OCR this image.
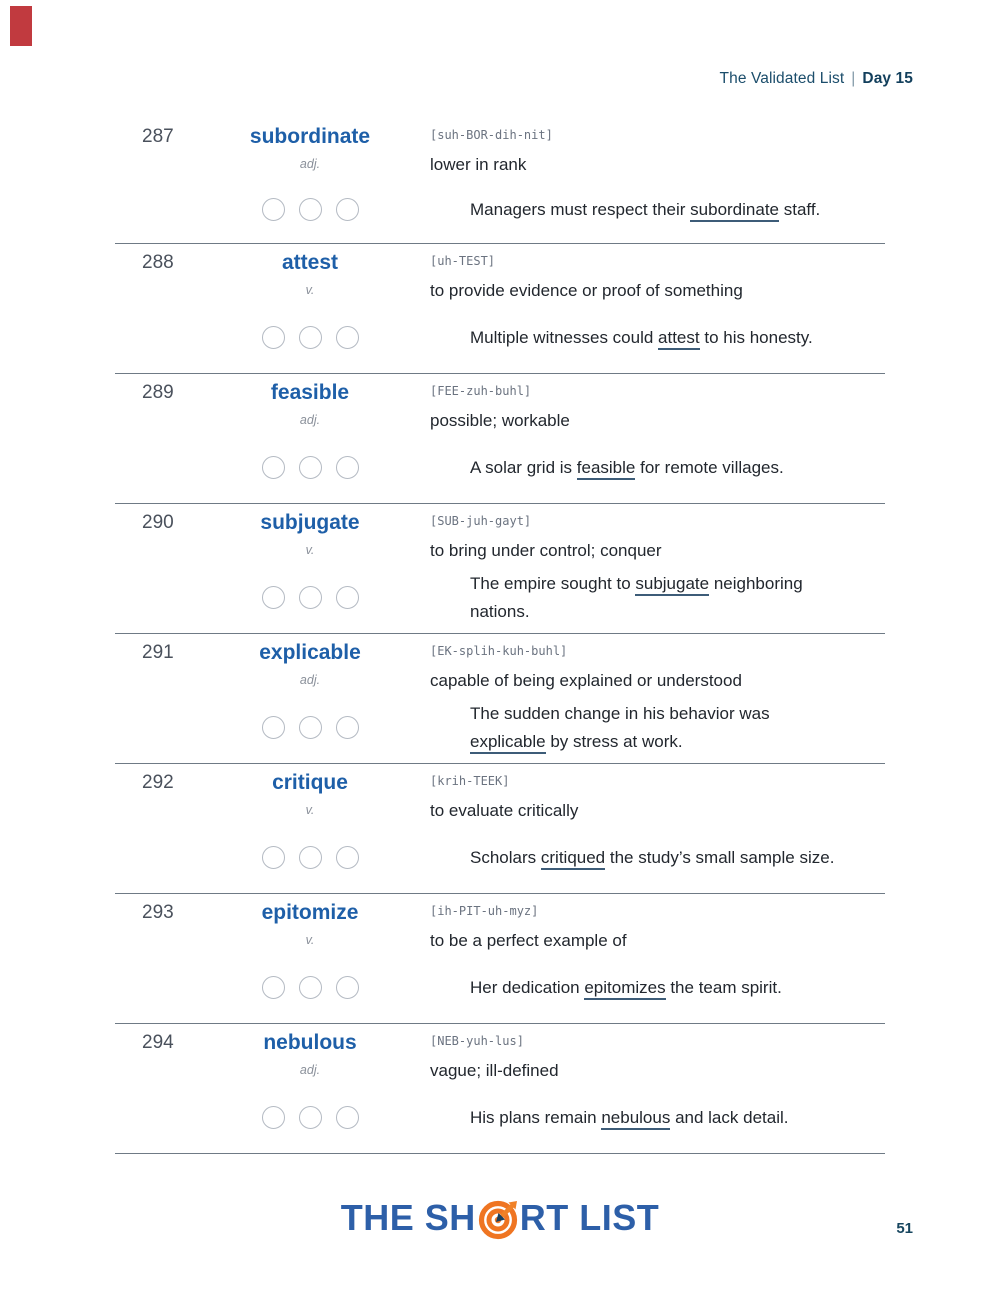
The Validated List | Day 15
287	subordinate
adj.
[suh-BOR-dih-nit]
lower in rank
Managers must respect their subordinate staff.
288	attest
v.
[uh-TEST]
to provide evidence or proof of something
Multiple witnesses could attest to his honesty.
289	feasible
adj.
[FEE-zuh-buhl]
possible; workable
A solar grid is feasible for remote villages.
290	subjugate
v.
[SUB-juh-gayt]
to bring under control; conquer
The empire sought to subjugate neighboring
nations.
291	explicable
adj.
[EK-splih-kuh-buhl]
capable of being explained or understood
The sudden change in his behavior was
explicable by stress at work.
292	critique
v.
[krih-TEEK]
to evaluate critically
Scholars critiqued the study’s small sample size.
293	epitomize
v.
[ih-PIT-uh-myz]
to be a perfect example of
Her dedication epitomizes the team spirit.
294	nebulous
adj.
[NEB-yuh-lus]
vague; ill-defined
His plans remain nebulous and lack detail.
THE SH RT LIST	51
